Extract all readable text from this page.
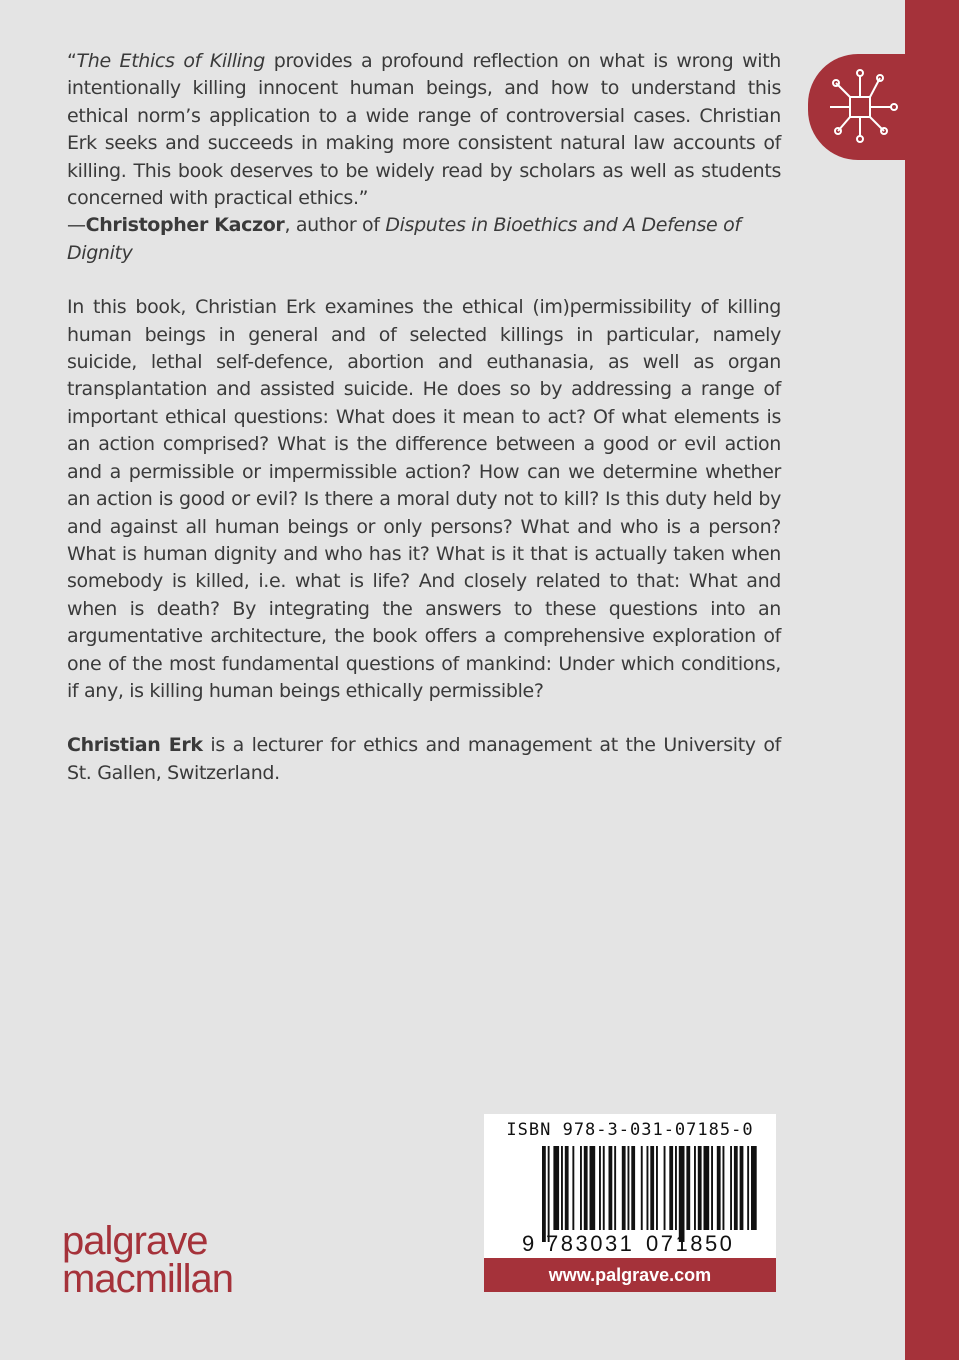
“The Ethics of Killing provides a profound reflection on what is wrong with intentionally killing innocent human beings, and how to understand this ethical norm’s application to a wide range of controversial cases. Christian Erk seeks and succeeds in making more consistent natural law accounts of killing. This book deserves to be widely read by scholars as well as students concerned with practical ethics.”

—Christopher Kaczor, author of Disputes in Bioethics and A Defense of Dignity

In this book, Christian Erk examines the ethical (im)permissibility of killing human beings in general and of selected killings in particular, namely suicide, lethal self-defence, abortion and euthanasia, as well as organ transplantation and assisted suicide. He does so by addressing a range of important ethical questions: What does it mean to act? Of what elements is an action comprised? What is the difference between a good or evil action and a permissible or impermissible action? How can we determine whether an action is good or evil? Is there a moral duty not to kill? Is this duty held by and against all human beings or only persons? What and who is a person? What is human dignity and who has it? What is it that is actually taken when somebody is killed, i.e. what is life? And closely related to that: What and when is death? By integrating the answers to these questions into an argumentative architecture, the book offers a comprehensive exploration of one of the most fundamental questions of mankind: Under which conditions, if any, is killing human beings ethically permissible?

Christian Erk is a lecturer for ethics and management at the University of St. Gallen, Switzerland.

ISBN 978-3-031-07185-0
9 783031 071850
www.palgrave.com
palgrave
macmillan
